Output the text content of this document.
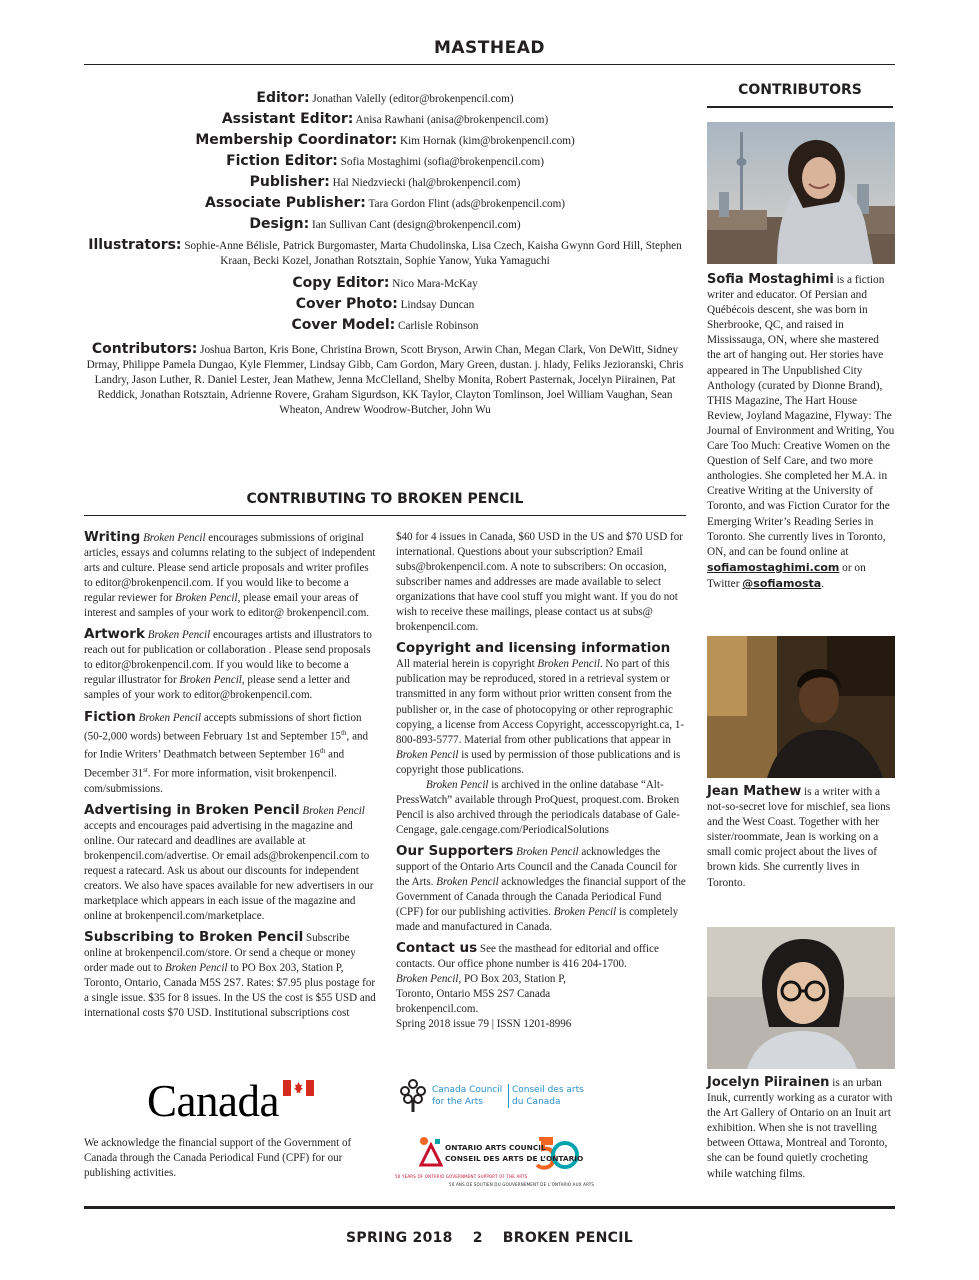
MASTHEAD
Editor: Jonathan Valelly (editor@brokenpencil.com)
Assistant Editor: Anisa Rawhani (anisa@brokenpencil.com)
Membership Coordinator: Kim Hornak (kim@brokenpencil.com)
Fiction Editor: Sofia Mostaghimi (sofia@brokenpencil.com)
Publisher: Hal Niedzviecki (hal@brokenpencil.com)
Associate Publisher: Tara Gordon Flint (ads@brokenpencil.com)
Design: Ian Sullivan Cant (design@brokenpencil.com)
Illustrators: Sophie-Anne Bélisle, Patrick Burgomaster, Marta Chudolinska, Lisa Czech, Kaisha Gwynn Gord Hill, Stephen Kraan, Becki Kozel, Jonathan Rotsztain, Sophie Yanow, Yuka Yamaguchi
Copy Editor: Nico Mara-McKay
Cover Photo: Lindsay Duncan
Cover Model: Carlisle Robinson
Contributors: Joshua Barton, Kris Bone, Christina Brown, Scott Bryson, Arwin Chan, Megan Clark, Von DeWitt, Sidney Drmay, Philippe Pamela Dungao, Kyle Flemmer, Lindsay Gibb, Cam Gordon, Mary Green, dustan. j. hlady, Feliks Jezioranski, Chris Landry, Jason Luther, R. Daniel Lester, Jean Mathew, Jenna McClelland, Shelby Monita, Robert Pasternak, Jocelyn Piirainen, Pat Reddick, Jonathan Rotsztain, Adrienne Rovere, Graham Sigurdson, KK Taylor, Clayton Tomlinson, Joel William Vaughan, Sean Wheaton, Andrew Woodrow-Butcher, John Wu
CONTRIBUTORS
Sofia Mostaghimi is a fiction writer and educator. Of Persian and Québécois descent, she was born in Sherbrooke, QC, and raised in Mississauga, ON, where she mastered the art of hanging out. Her stories have appeared in The Unpublished City Anthology (curated by Dionne Brand), THIS Magazine, The Hart House Review, Joyland Magazine, Flyway: The Journal of Environment and Writing, You Care Too Much: Creative Women on the Question of Self Care, and two more anthologies. She completed her M.A. in Creative Writing at the University of Toronto, and was Fiction Curator for the Emerging Writer’s Reading Series in Toronto. She currently lives in Toronto, ON, and can be found online at sofiamostaghimi.com or on Twitter @sofiamosta.
Jean Mathew is a writer with a not-so-secret love for mischief, sea lions and the West Coast. Together with her sister/roommate, Jean is working on a small comic project about the lives of brown kids. She currently lives in Toronto.
Jocelyn Piirainen is an urban Inuk, currently working as a curator with the Art Gallery of Ontario on an Inuit art exhibition. When she is not travelling between Ottawa, Montreal and Toronto, she can be found quietly crocheting while watching films.
CONTRIBUTING TO BROKEN PENCIL

Writing Broken Pencil encourages submissions of original articles, essays and columns relating to the subject of independent arts and culture. Please send article proposals and writer profiles to editor@brokenpencil.com. If you would like to become a regular reviewer for Broken Pencil, please email your areas of interest and samples of your work to editor@ brokenpencil.com.

Artwork Broken Pencil encourages artists and illustrators to reach out for publication or collaboration . Please send proposals to editor@brokenpencil.com. If you would like to become a regular illustrator for Broken Pencil, please send a letter and samples of your work to editor@brokenpencil.com.

Fiction Broken Pencil accepts submissions of short fiction (50-2,000 words) between February 1st and September 15th, and for Indie Writers’ Deathmatch between September 16th and December 31st. For more information, visit brokenpencil. com/submissions.

Advertising in Broken Pencil Broken Pencil accepts and encourages paid advertising in the magazine and online. Our ratecard and deadlines are available at brokenpencil.com/advertise. Or email ads@brokenpencil.com to request a ratecard. Ask us about our discounts for independent creators. We also have spaces available for new advertisers in our marketplace which appears in each issue of the magazine and online at brokenpencil.com/marketplace.

Subscribing to Broken Pencil Subscribe online at brokenpencil.com/store. Or send a cheque or money order made out to Broken Pencil to PO Box 203, Station P, Toronto, Ontario, Canada M5S 2S7. Rates: $7.95 plus postage for a single issue. $35 for 8 issues. In the US the cost is $55 USD and international costs $70 USD. Institutional subscriptions cost

$40 for 4 issues in Canada, $60 USD in the US and $70 USD for international. Questions about your subscription? Email subs@brokenpencil.com. A note to subscribers: On occasion, subscriber names and addresses are made available to select organizations that have cool stuff you might want. If you do not wish to receive these mailings, please contact us at subs@ brokenpencil.com.

Copyright and licensing information
All material herein is copyright Broken Pencil. No part of this publication may be reproduced, stored in a retrieval system or transmitted in any form without prior written consent from the publisher or, in the case of photocopying or other reprographic copying, a license from Access Copyright, accesscopyright.ca, 1-800-893-5777. Material from other publications that appear in Broken Pencil is used by permission of those publications and is copyright those publications.

Broken Pencil is archived in the online database “Alt-PressWatch” available through ProQuest, proquest.com. Broken Pencil is also archived through the periodicals database of Gale-Cengage, gale.cengage.com/PeriodicalSolutions

Our Supporters Broken Pencil acknowledges the support of the Ontario Arts Council and the Canada Council for the Arts. Broken Pencil acknowledges the financial support of the Government of Canada through the Canada Periodical Fund (CPF) for our publishing activities. Broken Pencil is completely made and manufactured in Canada.

Contact us See the masthead for editorial and office contacts. Our office phone number is 416 204-1700.
Broken Pencil, PO Box 203, Station P,
Toronto, Ontario M5S 2S7 Canada
brokenpencil.com.
Spring 2018 issue 79 | ISSN 1201-8996

Canada
We acknowledge the financial support of the Government of Canada through the Canada Periodical Fund (CPF) for our publishing activities.
Canada Council
for the Arts
Conseil des arts
du Canada
ONTARIO ARTS COUNCIL
CONSEIL DES ARTS DE L’ONTARIO
50 YEARS OF ONTARIO GOVERNMENT SUPPORT OF THE ARTS
50 ANS DE SOUTIEN DU GOUVERNEMENT DE L’ONTARIO AUX ARTS
SPRING 2018 2 BROKEN PENCIL
